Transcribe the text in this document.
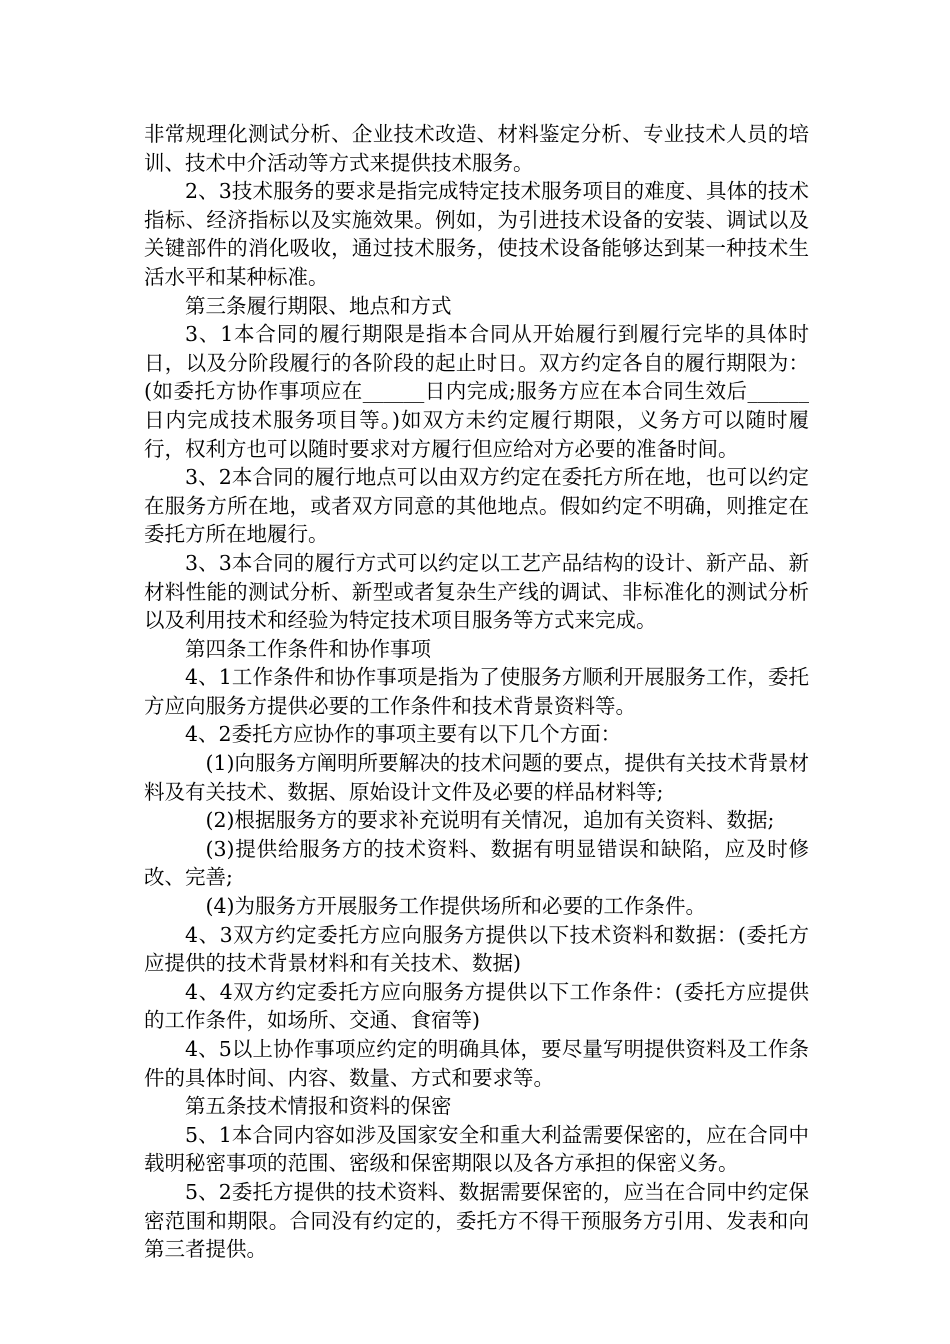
非常规理化测试分析、企业技术改造、材料鉴定分析、专业技术人员的培训、技术中介活动等方式来提供技术服务。

2、3技术服务的要求是指完成特定技术服务项目的难度、具体的技术指标、经济指标以及实施效果。例如，为引进技术设备的安装、调试以及关键部件的消化吸收，通过技术服务，使技术设备能够达到某一种技术生活水平和某种标准。

第三条履行期限、地点和方式

3、1本合同的履行期限是指本合同从开始履行到履行完毕的具体时日，以及分阶段履行的各阶段的起止时日。双方约定各自的履行期限为：(如委托方协作事项应在______日内完成;服务方应在本合同生效后______日内完成技术服务项目等。)如双方未约定履行期限，义务方可以随时履行，权利方也可以随时要求对方履行但应给对方必要的准备时间。

3、2本合同的履行地点可以由双方约定在委托方所在地，也可以约定在服务方所在地，或者双方同意的其他地点。假如约定不明确，则推定在委托方所在地履行。

3、3本合同的履行方式可以约定以工艺产品结构的设计、新产品、新材料性能的测试分析、新型或者复杂生产线的调试、非标准化的测试分析以及利用技术和经验为特定技术项目服务等方式来完成。

第四条工作条件和协作事项

4、1工作条件和协作事项是指为了使服务方顺利开展服务工作，委托方应向服务方提供必要的工作条件和技术背景资料等。

4、2委托方应协作的事项主要有以下几个方面：

(1)向服务方阐明所要解决的技术问题的要点，提供有关技术背景材料及有关技术、数据、原始设计文件及必要的样品材料等;

(2)根据服务方的要求补充说明有关情况，追加有关资料、数据;

(3)提供给服务方的技术资料、数据有明显错误和缺陷，应及时修改、完善;

(4)为服务方开展服务工作提供场所和必要的工作条件。

4、3双方约定委托方应向服务方提供以下技术资料和数据：(委托方应提供的技术背景材料和有关技术、数据)

4、4双方约定委托方应向服务方提供以下工作条件：(委托方应提供的工作条件，如场所、交通、食宿等)

4、5以上协作事项应约定的明确具体，要尽量写明提供资料及工作条件的具体时间、内容、数量、方式和要求等。

第五条技术情报和资料的保密

5、1本合同内容如涉及国家安全和重大利益需要保密的，应在合同中载明秘密事项的范围、密级和保密期限以及各方承担的保密义务。

5、2委托方提供的技术资料、数据需要保密的，应当在合同中约定保密范围和期限。合同没有约定的，委托方不得干预服务方引用、发表和向第三者提供。
